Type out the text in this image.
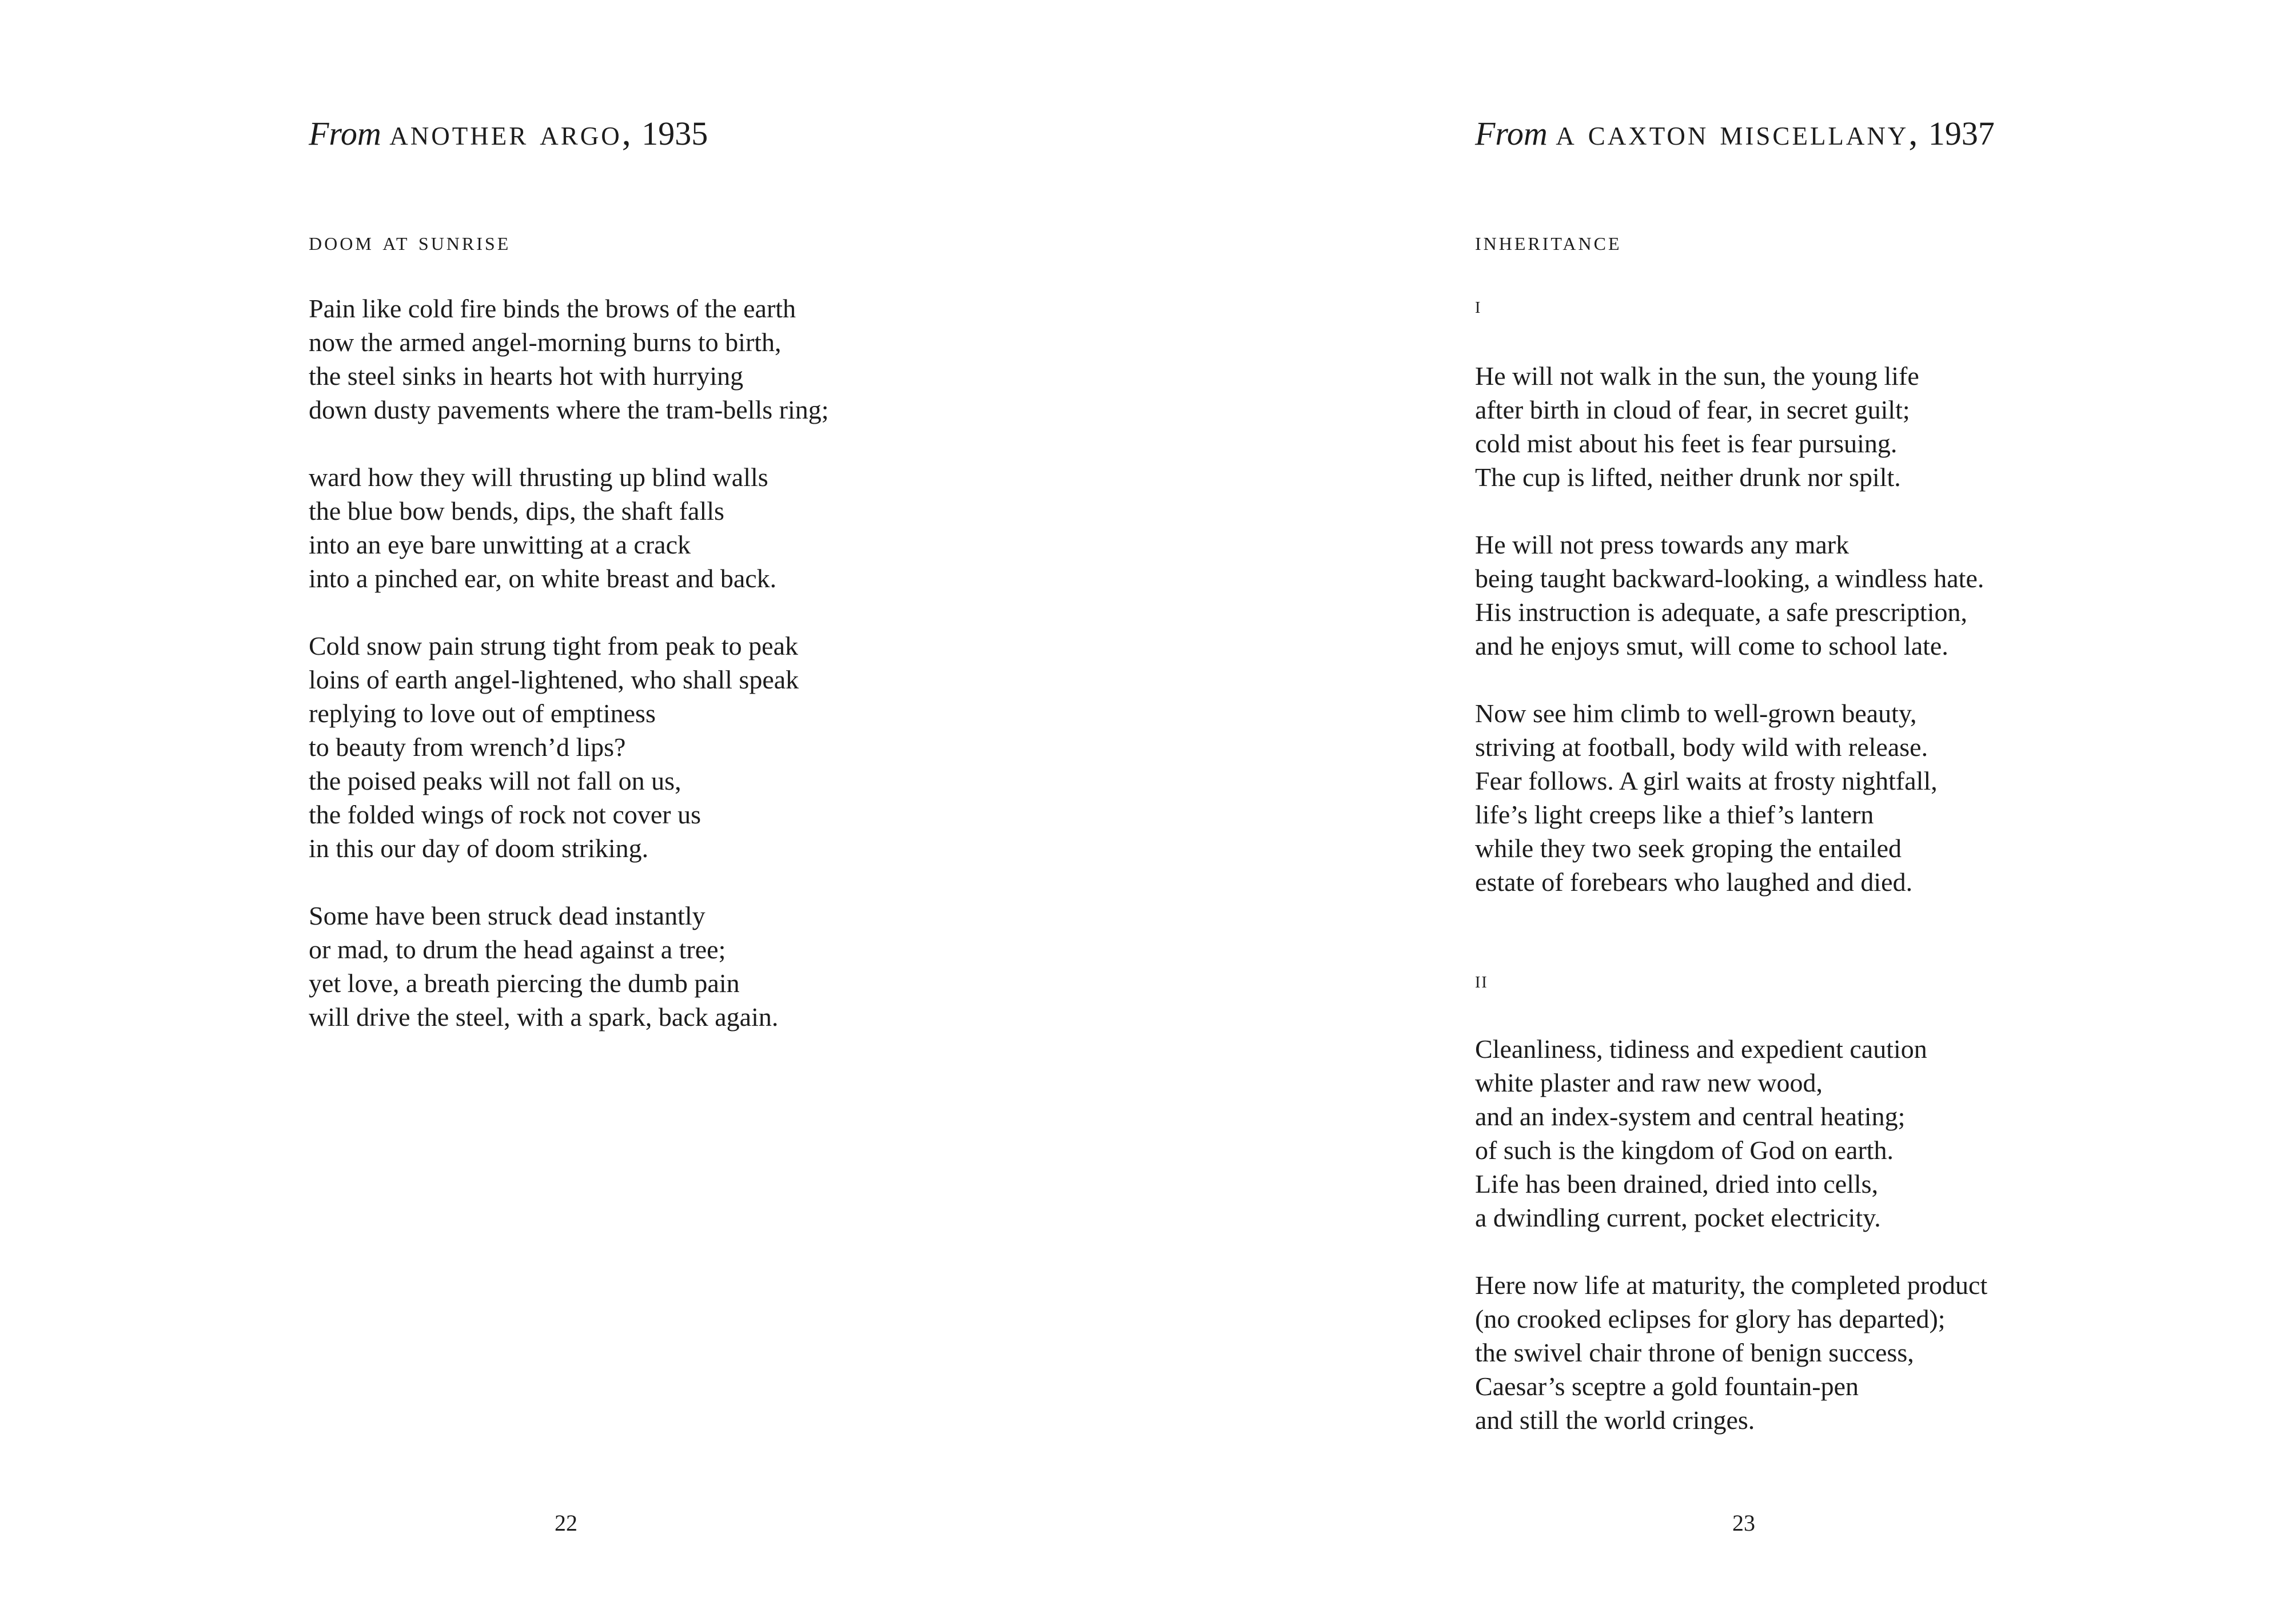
From another argo, 1935
doom at sunrise
Pain like cold fire binds the brows of the earth
now the armed angel-morning burns to birth,
the steel sinks in hearts hot with hurrying
down dusty pavements where the tram-bells ring;
ward how they will thrusting up blind walls
the blue bow bends, dips, the shaft falls
into an eye bare unwitting at a crack
into a pinched ear, on white breast and back.
Cold snow pain strung tight from peak to peak
loins of earth angel-lightened, who shall speak
replying to love out of emptiness
to beauty from wrench’d lips?
the poised peaks will not fall on us,
the folded wings of rock not cover us
in this our day of doom striking.
Some have been struck dead instantly
or mad, to drum the head against a tree;
yet love, a breath piercing the dumb pain
will drive the steel, with a spark, back again.
22
From a caxton miscellany, 1937
inheritance
i
He will not walk in the sun, the young life
after birth in cloud of fear, in secret guilt;
cold mist about his feet is fear pursuing.
The cup is lifted, neither drunk nor spilt.
He will not press towards any mark
being taught backward-looking, a windless hate.
His instruction is adequate, a safe prescription,
and he enjoys smut, will come to school late.
Now see him climb to well-grown beauty,
striving at football, body wild with release.
Fear follows. A girl waits at frosty nightfall,
life’s light creeps like a thief’s lantern
while they two seek groping the entailed
estate of forebears who laughed and died.
ii
Cleanliness, tidiness and expedient caution
white plaster and raw new wood,
and an index-system and central heating;
of such is the kingdom of God on earth.
Life has been drained, dried into cells,
a dwindling current, pocket electricity.
Here now life at maturity, the completed product
(no crooked eclipses for glory has departed);
the swivel chair throne of benign success,
Caesar’s sceptre a gold fountain-pen
and still the world cringes.
23
